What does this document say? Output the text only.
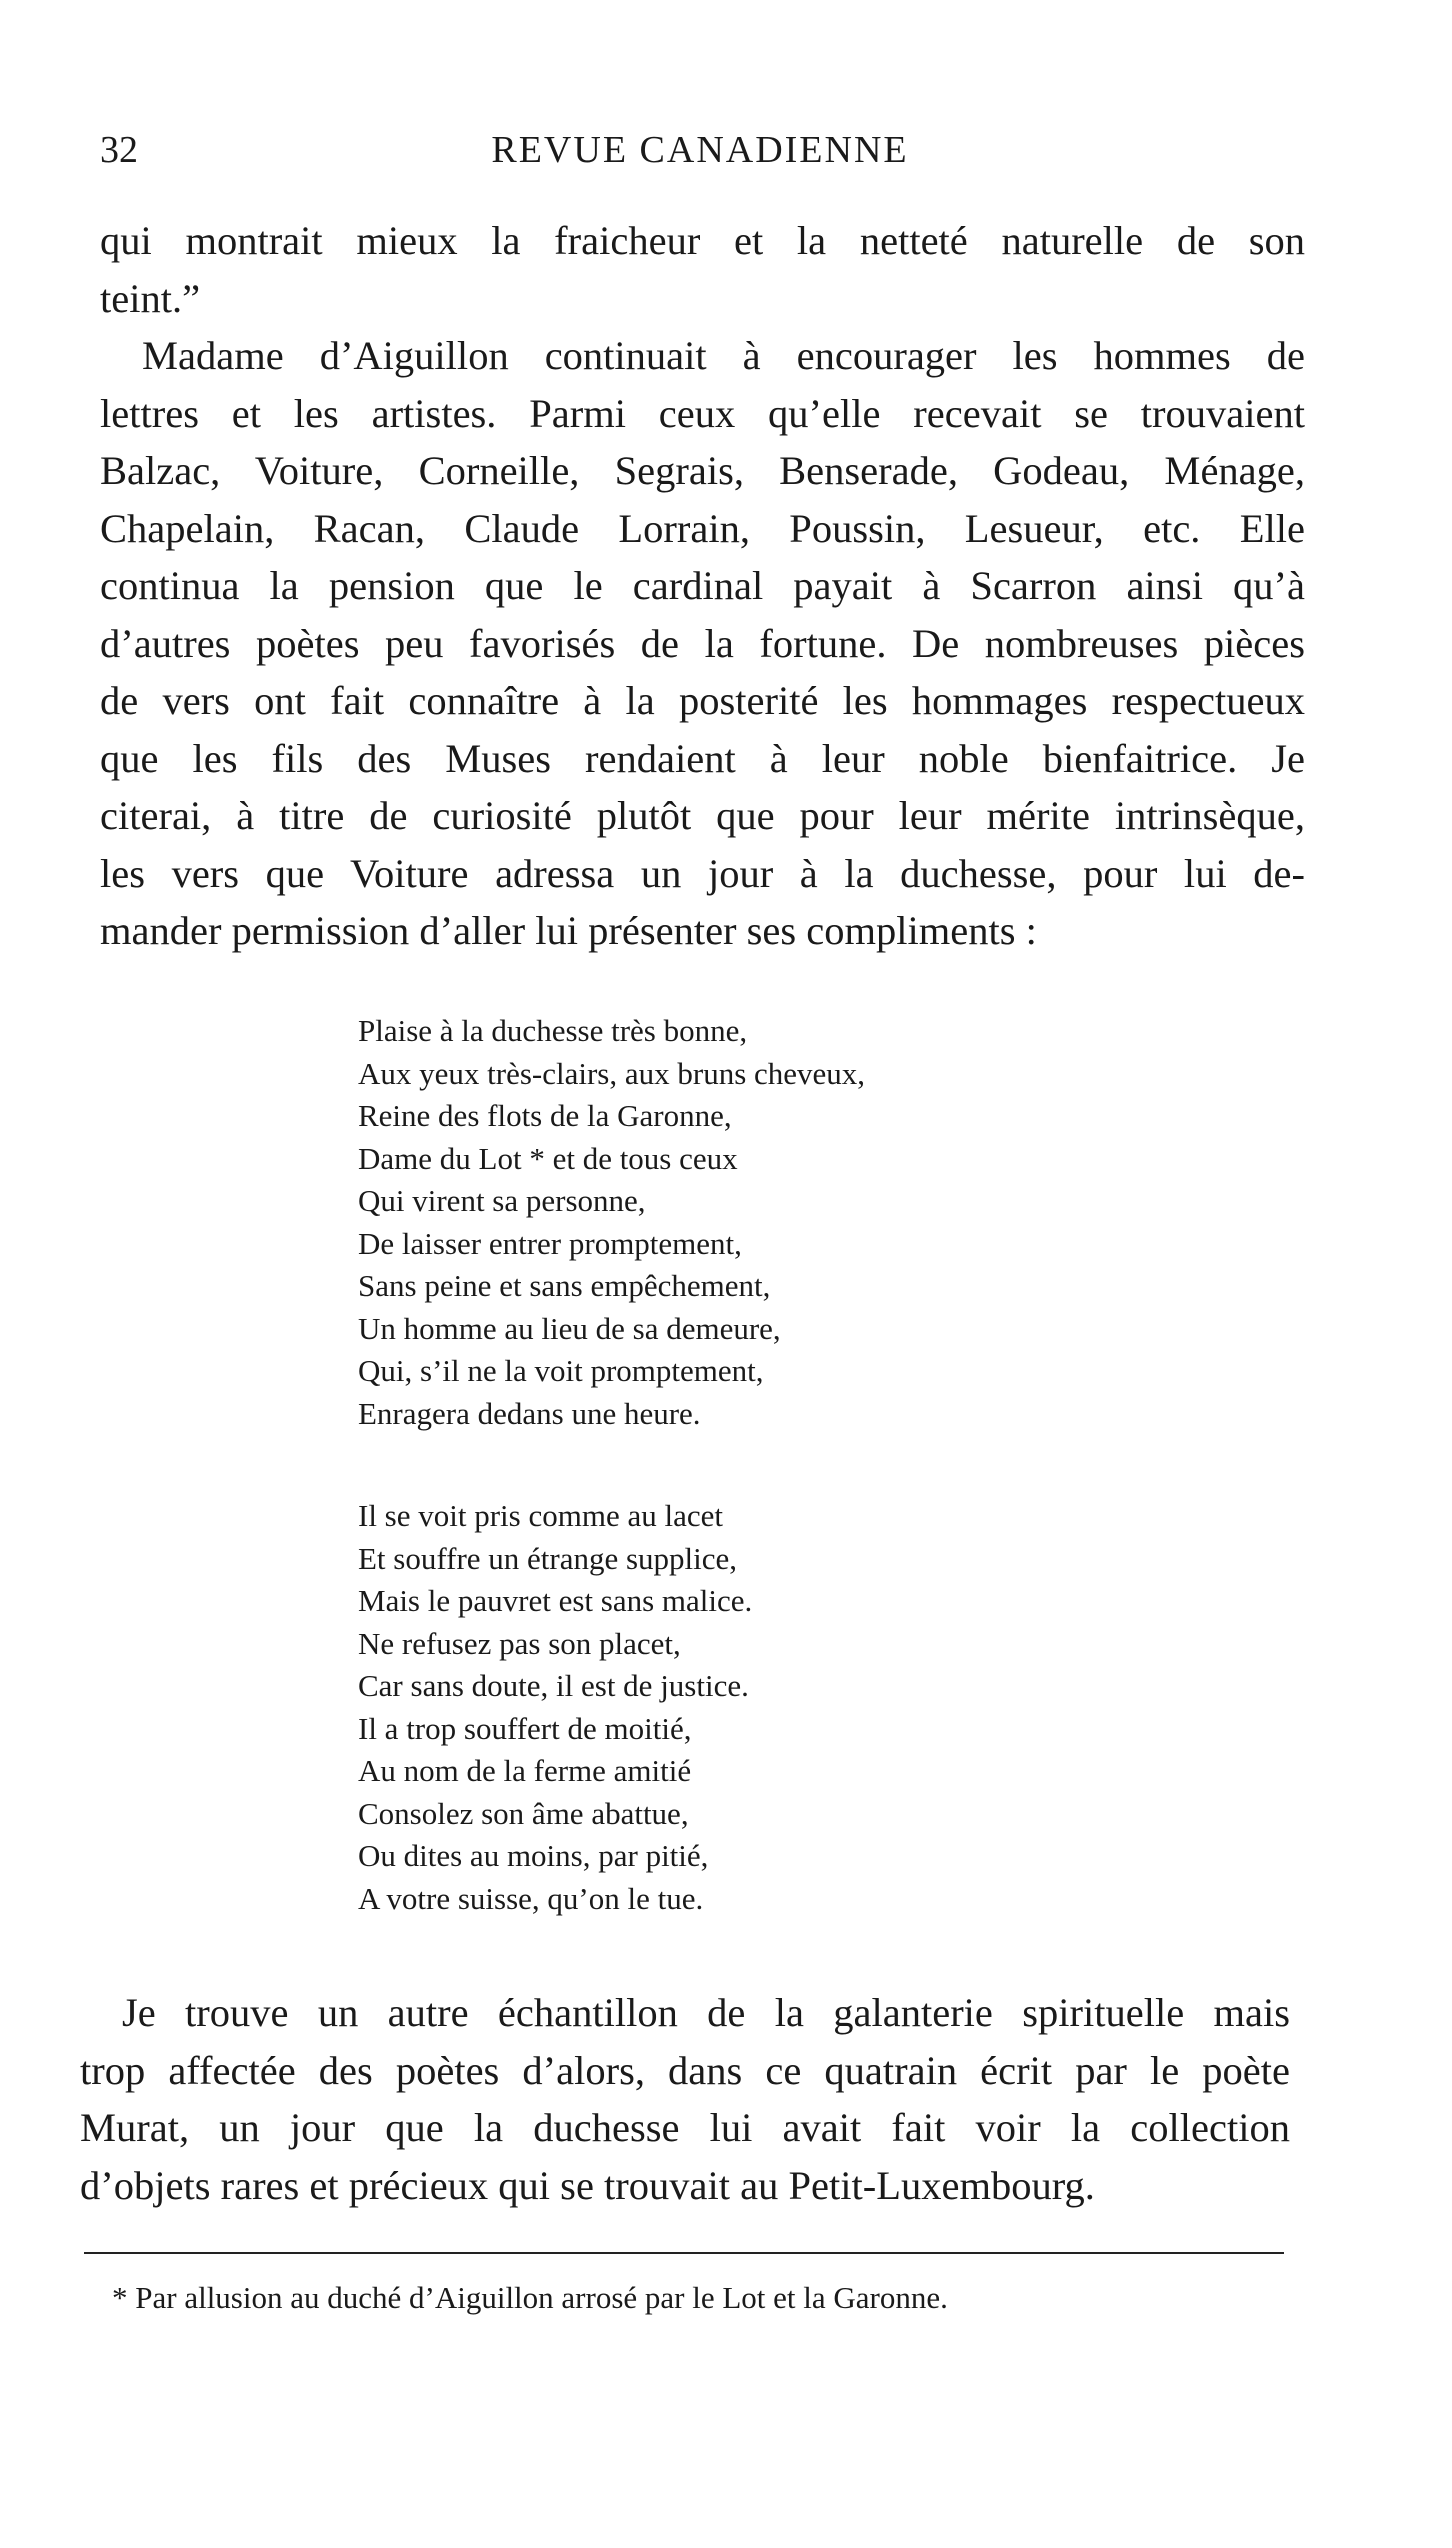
32	REVUE CANADIENNE

qui montrait mieux la fraicheur et la netteté naturelle de son
teint.”

Madame d’Aiguillon continuait à encourager les hommes de
lettres et les artistes. Parmi ceux qu’elle recevait se trouvaient
Balzac, Voiture, Corneille, Segrais, Benserade, Godeau, Ménage,
Chapelain, Racan, Claude Lorrain, Poussin, Lesueur, etc. Elle
continua la pension que le cardinal payait à Scarron ainsi qu’à
d’autres poètes peu favorisés de la fortune. De nombreuses pièces
de vers ont fait connaître à la posterité les hommages respectueux
que les fils des Muses rendaient à leur noble bienfaitrice. Je
citerai, à titre de curiosité plutôt que pour leur mérite intrinsèque,
les vers que Voiture adressa un jour à la duchesse, pour lui de-
mander permission d’aller lui présenter ses compliments :

Plaise à la duchesse très bonne,
Aux yeux très-clairs, aux bruns cheveux,
Reine des flots de la Garonne,
Dame du Lot * et de tous ceux
Qui virent sa personne,
De laisser entrer promptement,
Sans peine et sans empêchement,
Un homme au lieu de sa demeure,
Qui, s’il ne la voit promptement,
Enragera dedans une heure.
Il se voit pris comme au lacet
Et souffre un étrange supplice,
Mais le pauvret est sans malice.
Ne refusez pas son placet,
Car sans doute, il est de justice.
Il a trop souffert de moitié,
Au nom de la ferme amitié
Consolez son âme abattue,
Ou dites au moins, par pitié,
A votre suisse, qu’on le tue.

Je trouve un autre échantillon de la galanterie spirituelle mais
trop affectée des poètes d’alors, dans ce quatrain écrit par le poète
Murat, un jour que la duchesse lui avait fait voir la collection
d’objets rares et précieux qui se trouvait au Petit-Luxembourg.

* Par allusion au duché d’Aiguillon arrosé par le Lot et la Garonne.
